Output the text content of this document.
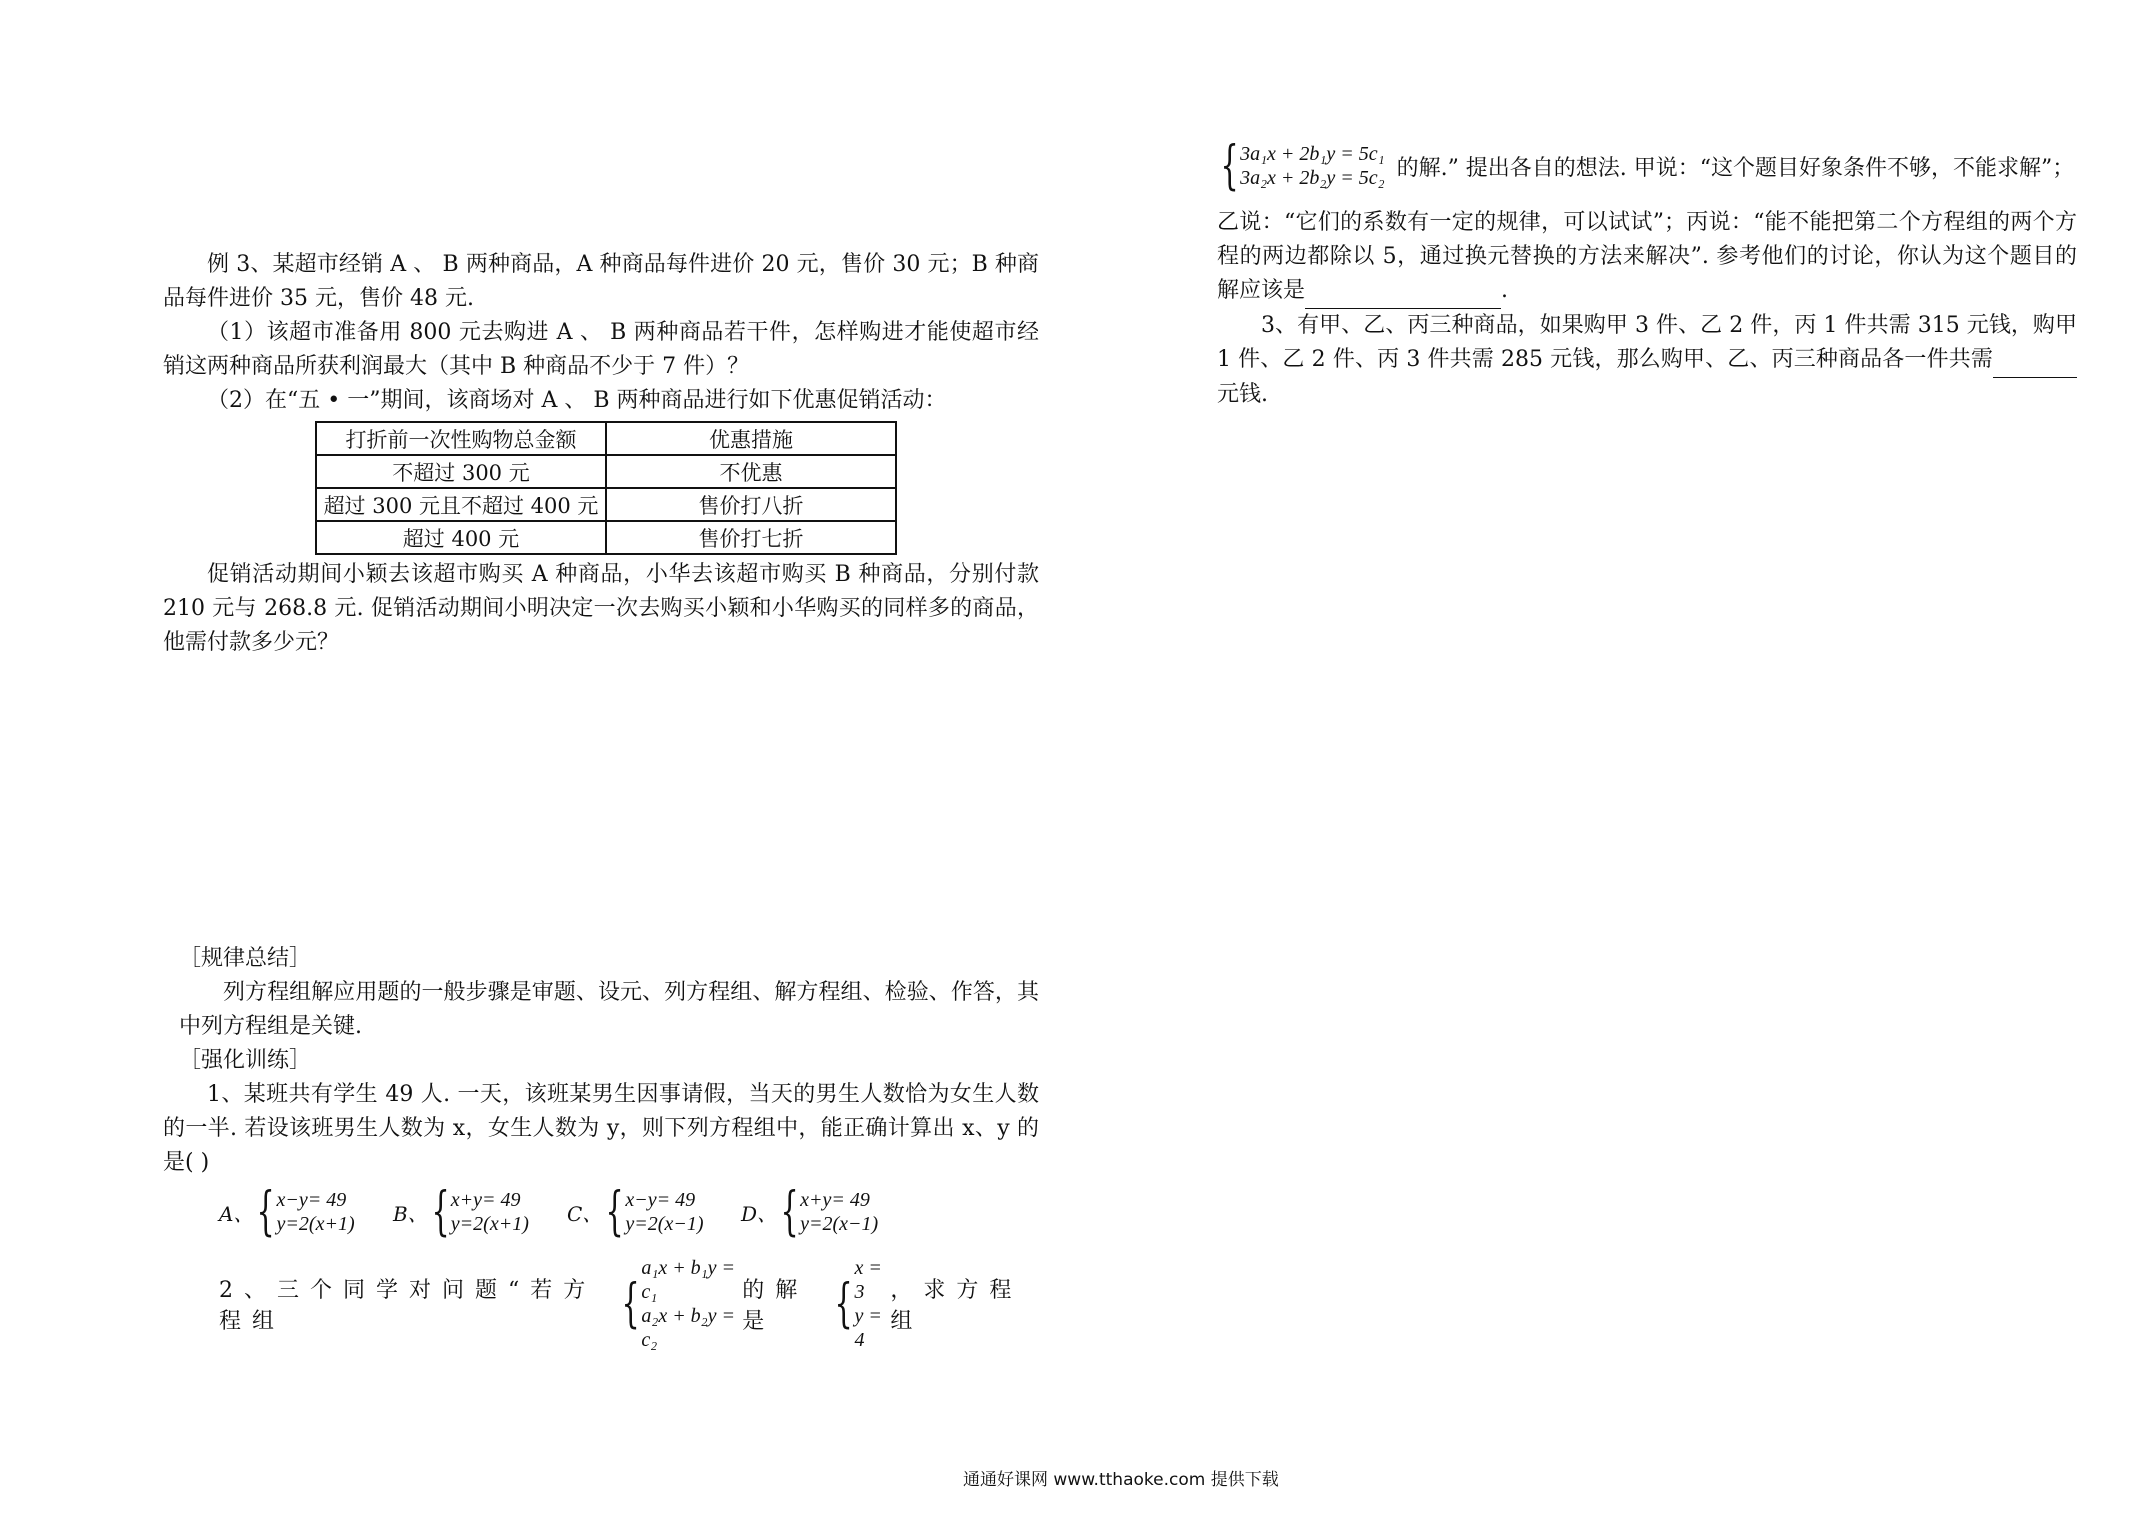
例 3、某超市经销 A 、 B 两种商品，A 种商品每件进价 20 元，售价 30 元；B 种商品每件进价 35 元，售价 48 元.

（1）该超市准备用 800 元去购进 A 、 B 两种商品若干件，怎样购进才能使超市经销这两种商品所获利润最大（其中 B 种商品不少于 7 件）？

（2）在“五 • 一”期间，该商场对 A 、 B 两种商品进行如下优惠促销活动：

打折前一次性购物总金额	优惠措施
不超过 300 元	不优惠
超过 300 元且不超过 400 元	售价打八折
超过 400 元	售价打七折

促销活动期间小颖去该超市购买 A 种商品，小华去该超市购买 B 种商品，分别付款 210 元与 268.8 元. 促销活动期间小明决定一次去购买小颖和小华购买的同样多的商品，他需付款多少元？

［规律总结］

列方程组解应用题的一般步骤是审题、设元、列方程组、解方程组、检验、作答，其中列方程组是关键.

［强化训练］

1、某班共有学生 49 人. 一天，该班某男生因事请假，当天的男生人数恰为女生人数的一半. 若设该班男生人数为 x，女生人数为 y，则下列方程组中，能正确计算出 x、y 的是( )

A、 { x−y= 49
y=2(x+1) B、 { x+y= 49
y=2(x+1) C、 { x−y= 49
y=2(x−1) D、 { x+y= 49
y=2(x−1)
2、三个同学对问题“若方程组	{
a₁x + b₁y = c₁
a₂x + b₂y = c₂
的解是	{
x = 3
y = 4
，求方程组
{ 3a₁x + 2b₁y = 5c₁
3a₂x + 2b₂y = 5c₂ 的解.” 提出各自的想法. 甲说：“这个题目好象条件不够，不能求解”；

乙说：“它们的系数有一定的规律，可以试试”；丙说：“能不能把第二个方程组的两个方程的两边都除以 5，通过换元替换的方法来解决”. 参考他们的讨论，你认为这个题目的解应该是	.

3、有甲、乙、丙三种商品，如果购甲 3 件、乙 2 件，丙 1 件共需 315 元钱，购甲 1 件、乙 2 件、丙 3 件共需 285 元钱，那么购甲、乙、丙三种商品各一件共需 元钱.

通通好课网 www.tthaoke.com 提供下载
